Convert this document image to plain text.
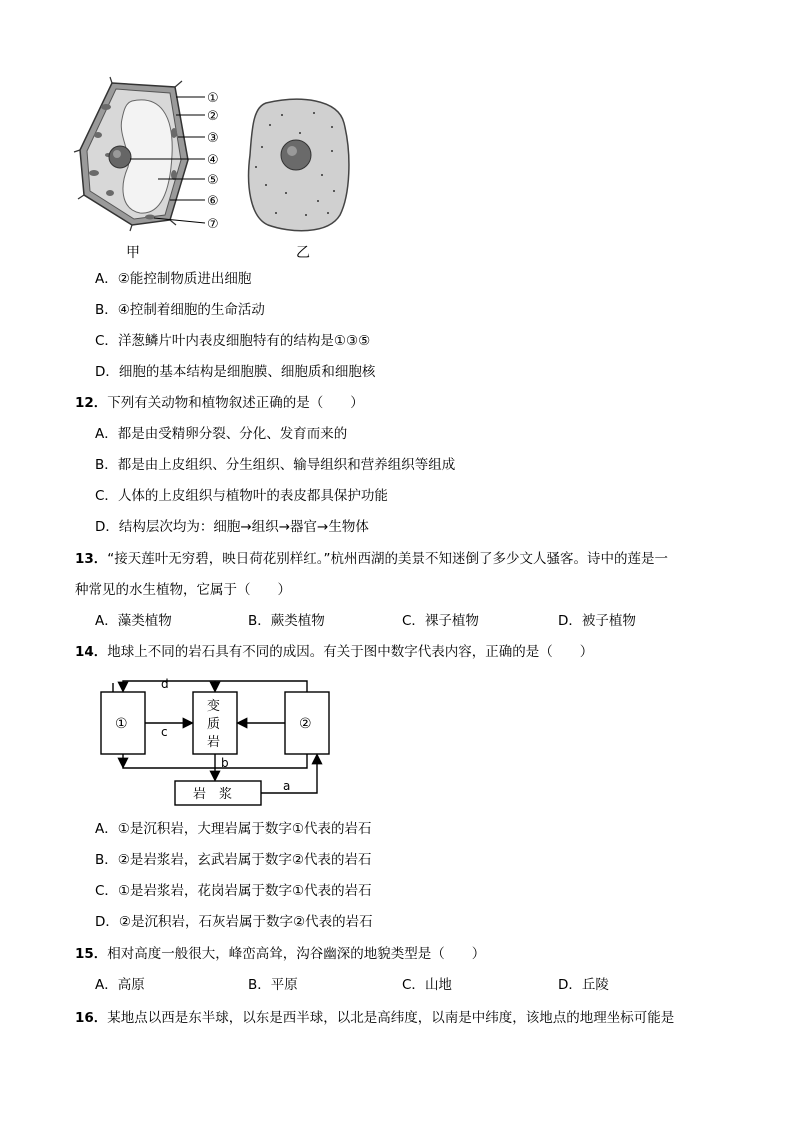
①
②
③
④
⑤
⑥
⑦
甲	乙
A．②能控制物质进出细胞
B．④控制着细胞的生命活动
C．洋葱鳞片叶内表皮细胞特有的结构是①③⑤
D．细胞的基本结构是细胞膜、细胞质和细胞核
12．下列有关动物和植物叙述正确的是（　　）
A．都是由受精卵分裂、分化、发育而来的
B．都是由上皮组织、分生组织、输导组织和营养组织等组成
C．人体的上皮组织与植物叶的表皮都具保护功能
D．结构层次均为：细胞→组织→器官→生物体
13．“接天莲叶无穷碧，映日荷花别样红。”杭州西湖的美景不知迷倒了多少文人骚客。诗中的莲是一
种常见的水生植物，它属于（　　）
A．藻类植物	B．蕨类植物	C．裸子植物	D．被子植物
14．地球上不同的岩石具有不同的成因。有关于图中数字代表内容，正确的是（　　）
①	②
变
质
岩
岩　浆
a
b
c
d
A．①是沉积岩，大理岩属于数字①代表的岩石
B．②是岩浆岩，玄武岩属于数字②代表的岩石
C．①是岩浆岩，花岗岩属于数字①代表的岩石
D．②是沉积岩，石灰岩属于数字②代表的岩石
15．相对高度一般很大，峰峦高耸，沟谷幽深的地貌类型是（　　）
A．高原	B．平原	C．山地	D．丘陵
16．某地点以西是东半球，以东是西半球，以北是高纬度，以南是中纬度，该地点的地理坐标可能是
